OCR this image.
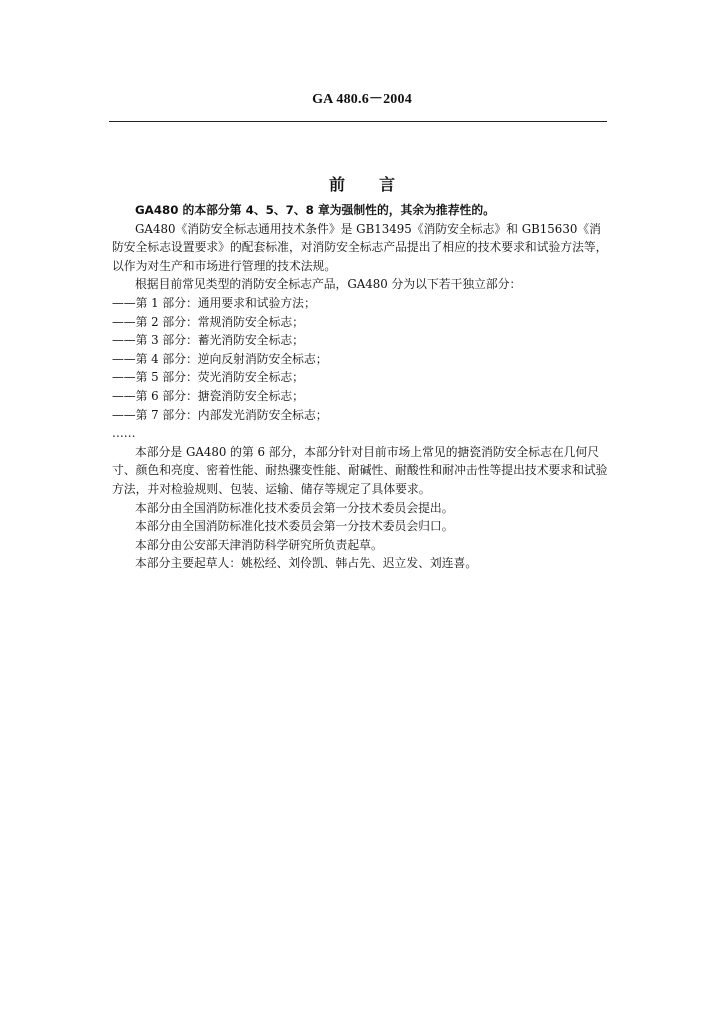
GA 480.6－2004
前言

GA480 的本部分第 4、5、7、8 章为强制性的，其余为推荐性的。

GA480《消防安全标志通用技术条件》是 GB13495《消防安全标志》和 GB15630《消防安全标志设置要求》的配套标准，对消防安全标志产品提出了相应的技术要求和试验方法等，以作为对生产和市场进行管理的技术法规。

根据目前常见类型的消防安全标志产品，GA480 分为以下若干独立部分：

——第 1 部分：通用要求和试验方法；

——第 2 部分：常规消防安全标志；

——第 3 部分：蓄光消防安全标志；

——第 4 部分：逆向反射消防安全标志；

——第 5 部分：荧光消防安全标志；

——第 6 部分：搪瓷消防安全标志；

——第 7 部分：内部发光消防安全标志；

……

本部分是 GA480 的第 6 部分，本部分针对目前市场上常见的搪瓷消防安全标志在几何尺寸、颜色和亮度、密着性能、耐热骤变性能、耐碱性、耐酸性和耐冲击性等提出技术要求和试验方法，并对检验规则、包装、运输、储存等规定了具体要求。

本部分由全国消防标准化技术委员会第一分技术委员会提出。

本部分由全国消防标准化技术委员会第一分技术委员会归口。

本部分由公安部天津消防科学研究所负责起草。

本部分主要起草人：姚松经、刘伶凯、韩占先、迟立发、刘连喜。
